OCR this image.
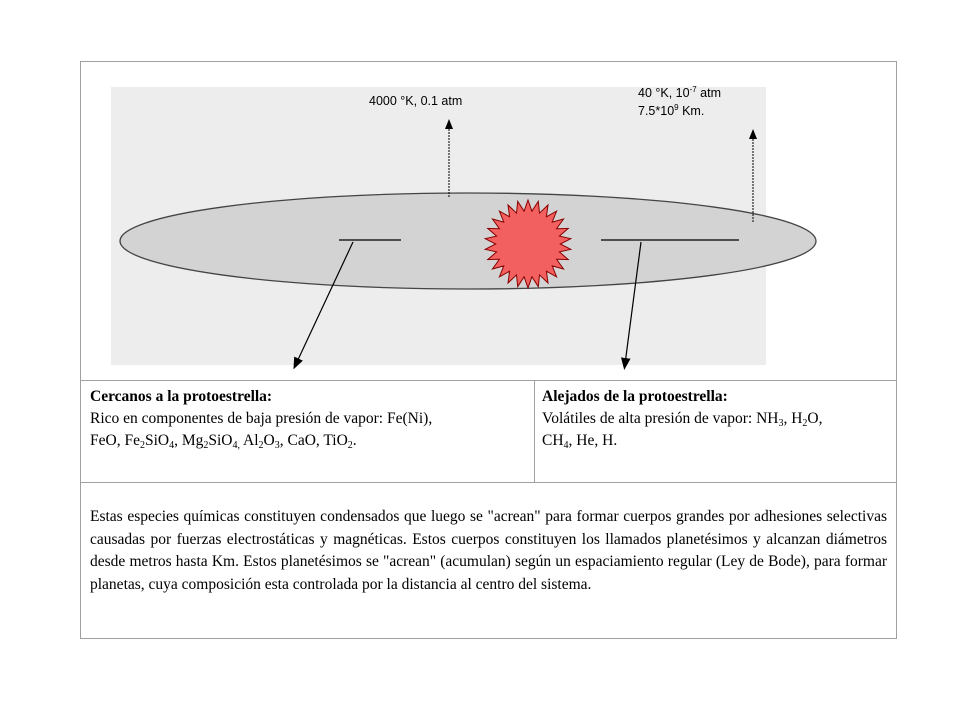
4000 °K, 0.1 atm
40 °K, $10^{-7}$ atm
$7.5*10^9$ Km.
Cercanos a la protoestrella:
Rico en componentes de baja presión de vapor: Fe(Ni),
FeO, $Fe_2SiO_4$, $Mg_2SiO_{4,}$ $Al_2O_3$, CaO, TiO$_2$.
Alejados de la protoestrella:
Volátiles de alta presión de vapor: $NH_3$, $H_2O$,
$CH_4$, He, H.
Estas especies químicas constituyen condensados que luego se "acrean" para formar cuerpos grandes por adhesiones selectivas causadas por fuerzas electrostáticas y magnéticas. Estos cuerpos constituyen los llamados planetésimos y alcanzan diámetros desde metros hasta Km. Estos planetésimos se "acrean" (acumulan) según un espaciamiento regular (Ley de Bode), para formar planetas, cuya composición esta controlada por la distancia al centro del sistema.
